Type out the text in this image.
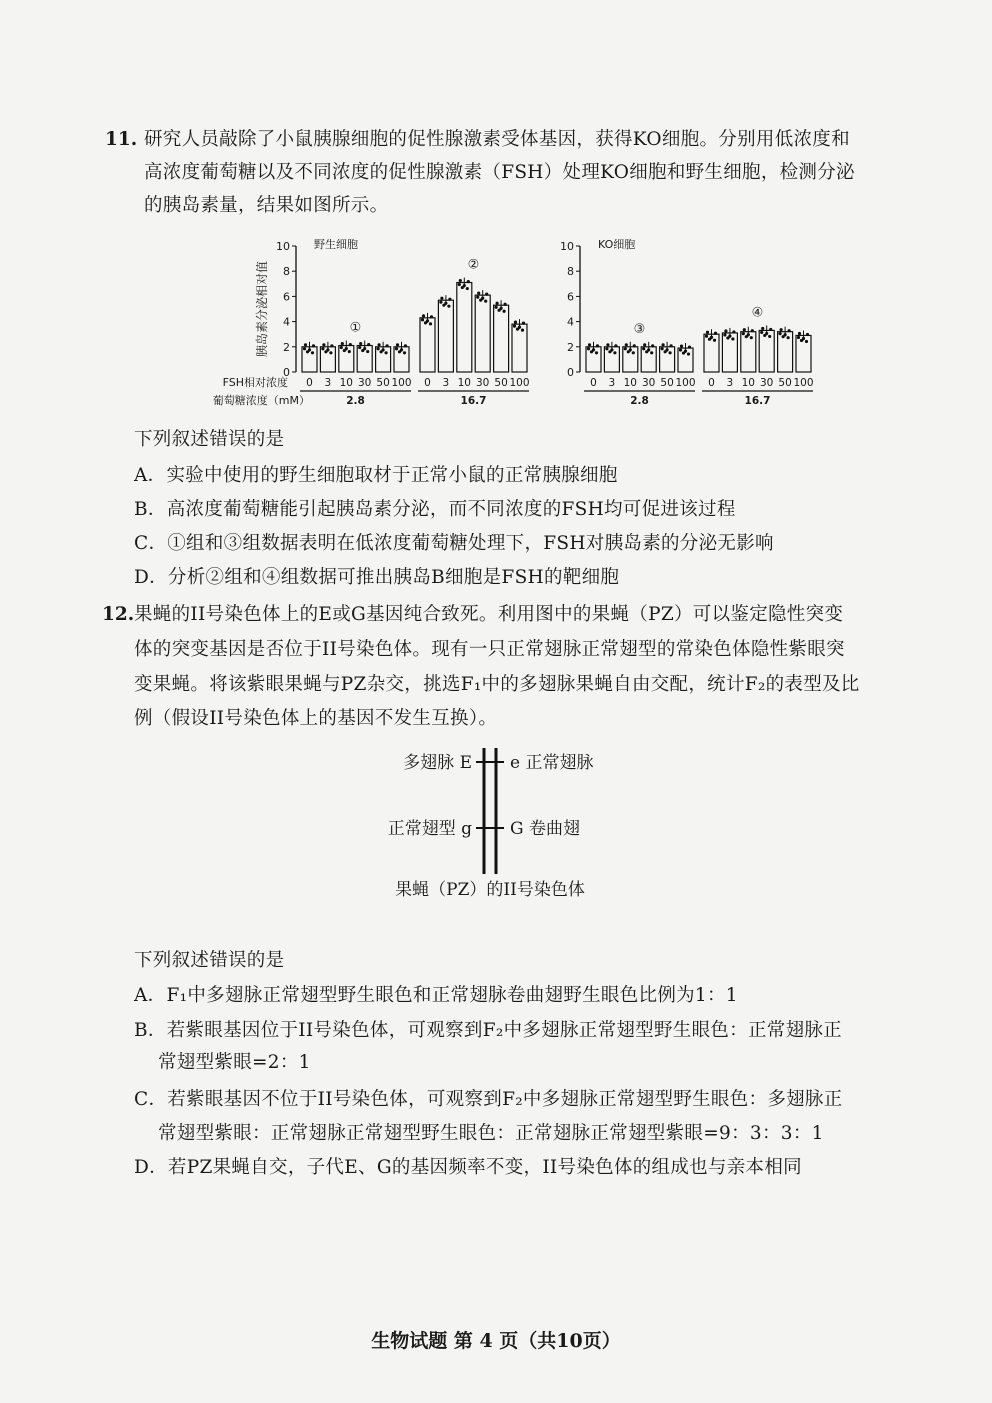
11. 研究人员敲除了小鼠胰腺细胞的促性腺激素受体基因，获得KO细胞。分别用低浓度和
高浓度葡萄糖以及不同浓度的促性腺激素（FSH）处理KO细胞和野生细胞，检测分泌
的胰岛素量，结果如图所示。
FSH相对浓度
葡萄糖浓度（mM）
胰岛素分泌相对值
0
2
4
6
8
10 野生细胞
0 3 10 30 50 100
2.8
①
0 3 10 30 50 100
16.7
②
0
2
4
6
8
10 KO细胞
0 3 10 30 50 100
2.8
③
0 3 10 30 50 100
16.7
④
下列叙述错误的是
A．实验中使用的野生细胞取材于正常小鼠的正常胰腺细胞
B．高浓度葡萄糖能引起胰岛素分泌，而不同浓度的FSH均可促进该过程
C．①组和③组数据表明在低浓度葡萄糖处理下，FSH对胰岛素的分泌无影响
D．分析②组和④组数据可推出胰岛B细胞是FSH的靶细胞
12. 果蝇的II号染色体上的E或G基因纯合致死。利用图中的果蝇（PZ）可以鉴定隐性突变
体的突变基因是否位于II号染色体。现有一只正常翅脉正常翅型的常染色体隐性紫眼突
变果蝇。将该紫眼果蝇与PZ杂交，挑选F₁中的多翅脉果蝇自由交配，统计F₂的表型及比
例（假设II号染色体上的基因不发生互换）。
多翅脉 E e 正常翅脉
正常翅型 g G 卷曲翅
果蝇（PZ）的II号染色体
下列叙述错误的是
A．F₁中多翅脉正常翅型野生眼色和正常翅脉卷曲翅野生眼色比例为1：1
B．若紫眼基因位于II号染色体，可观察到F₂中多翅脉正常翅型野生眼色：正常翅脉正
常翅型紫眼=2：1
C．若紫眼基因不位于II号染色体，可观察到F₂中多翅脉正常翅型野生眼色：多翅脉正
常翅型紫眼：正常翅脉正常翅型野生眼色：正常翅脉正常翅型紫眼=9：3：3：1
D．若PZ果蝇自交，子代E、G的基因频率不变，II号染色体的组成也与亲本相同
生物试题 第 4 页（共10页）
